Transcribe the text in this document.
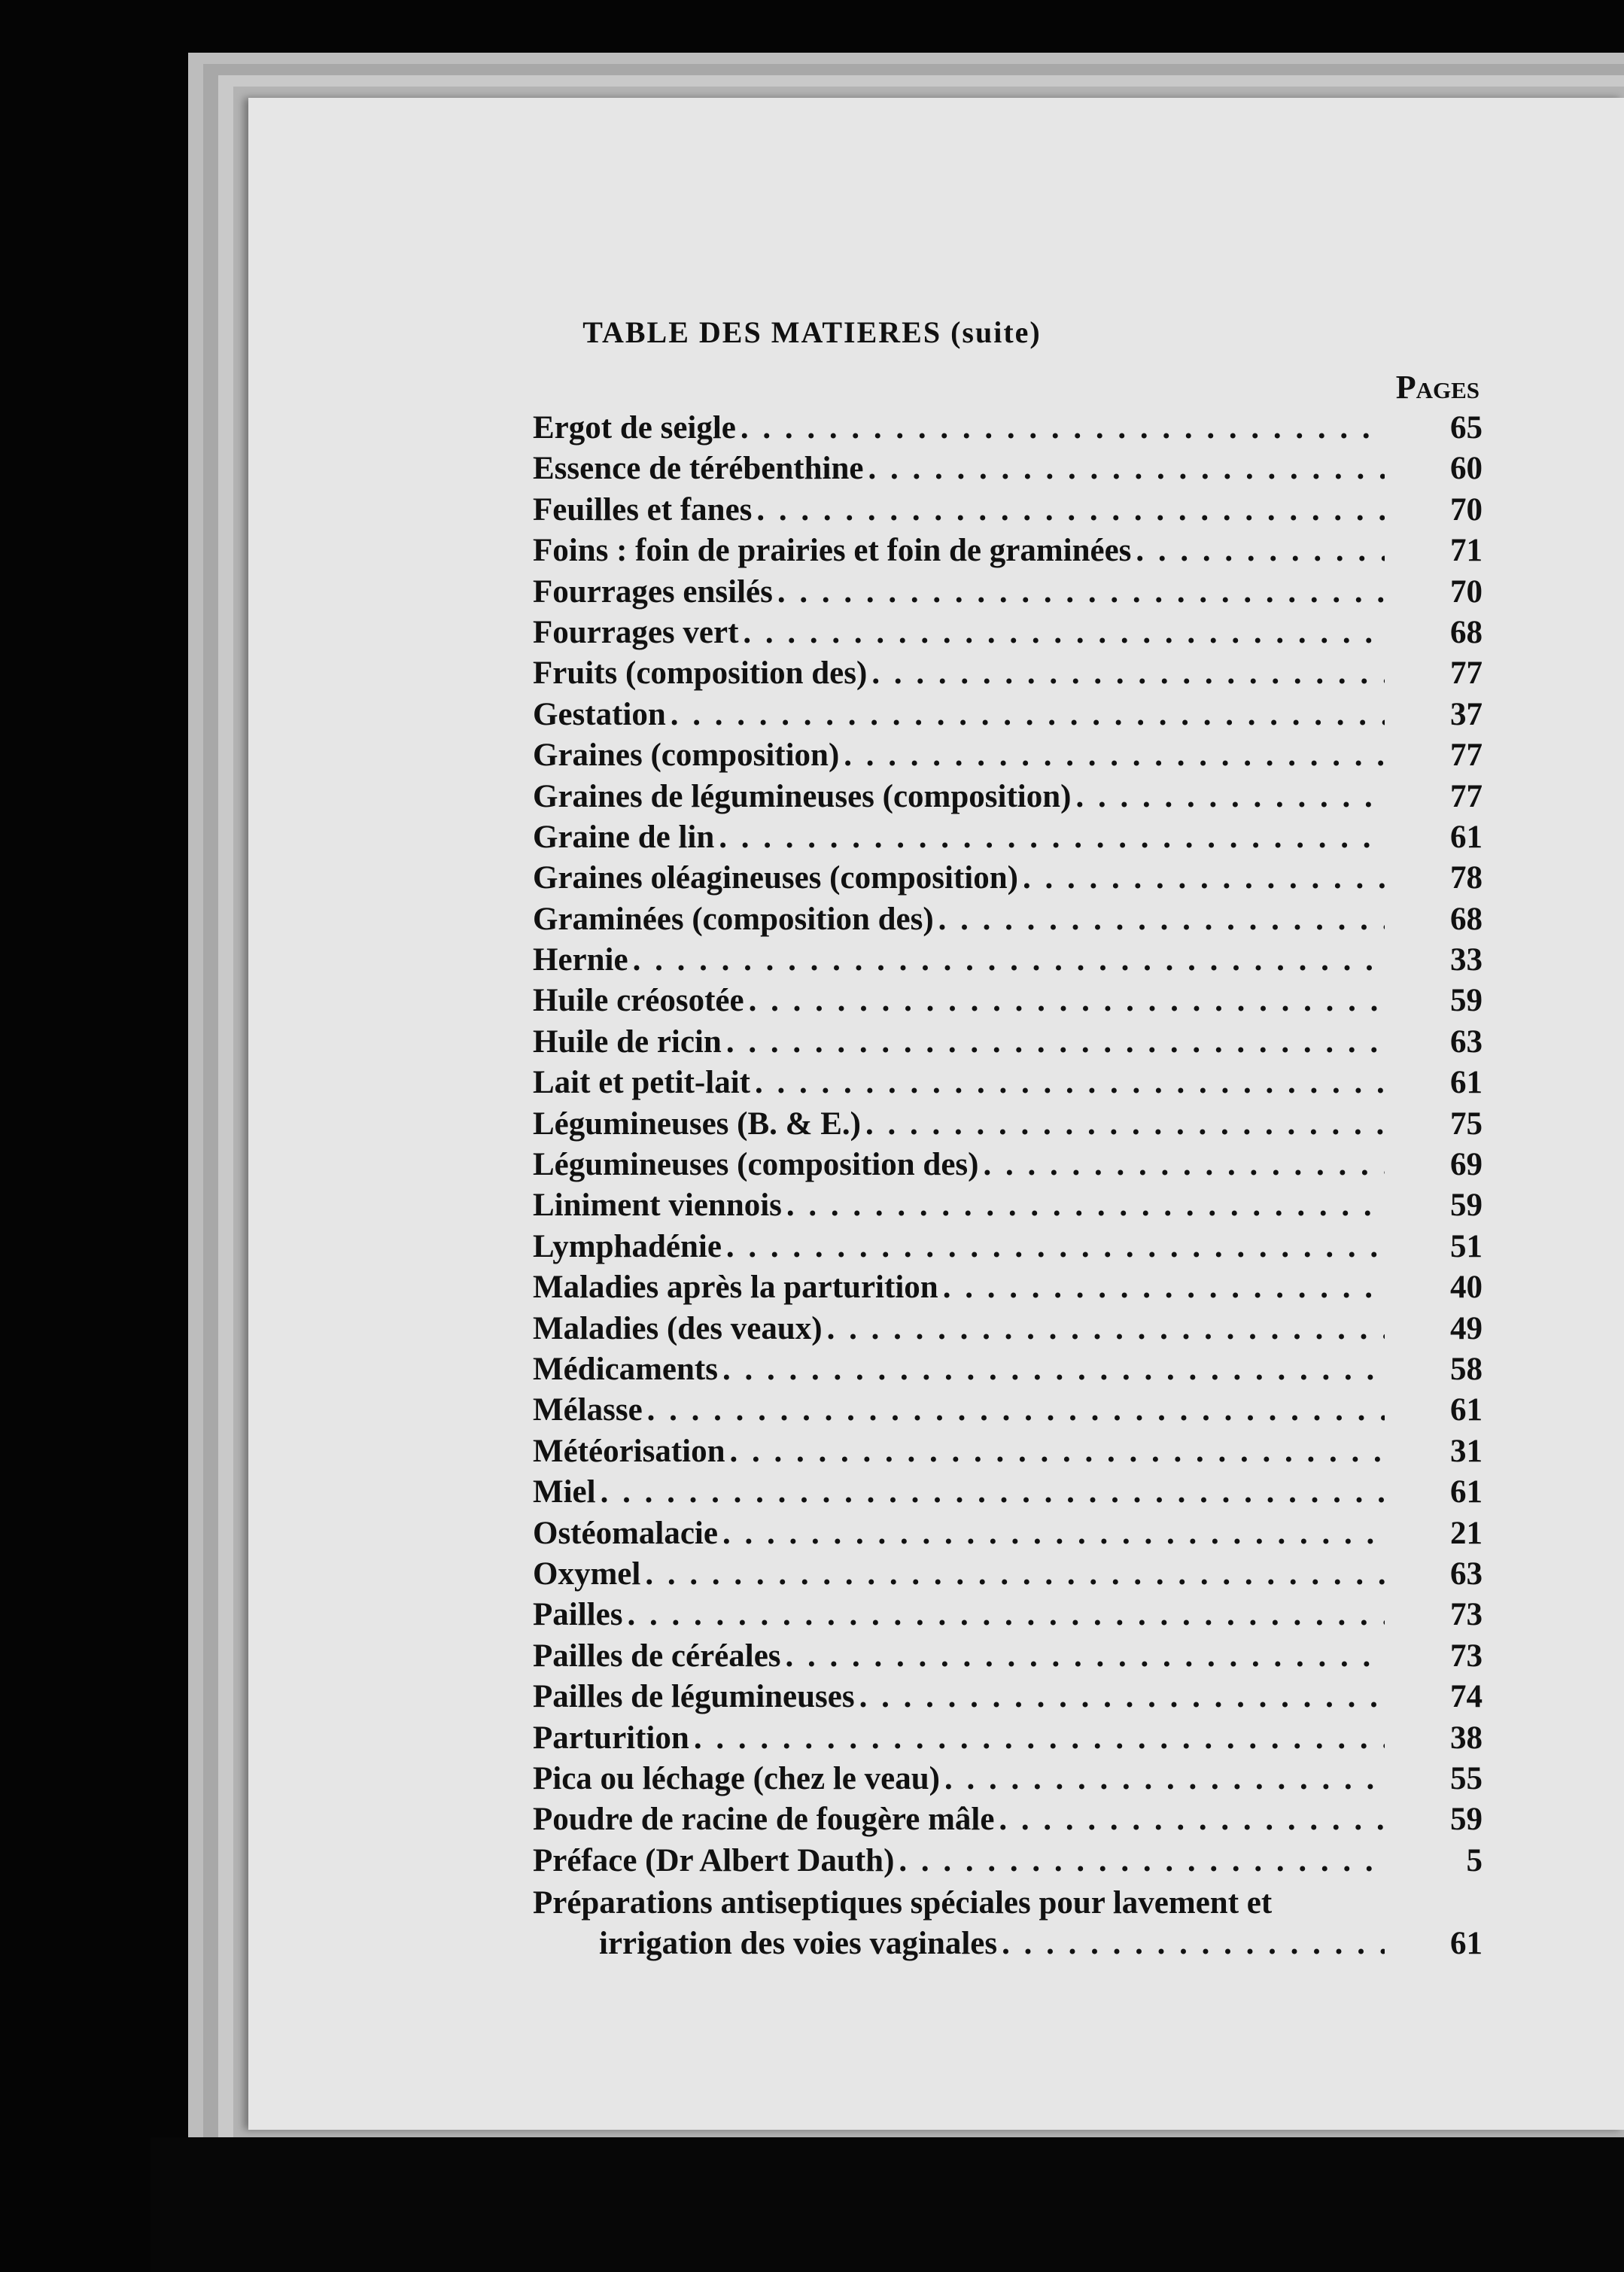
TABLE DES MATIERES (suite)
Pages
Ergot de seigle . . .	65
Essence de térébenthine . . .	60
Feuilles et fanes . . .	70
Foins : foin de prairies et foin de graminées . . .	71
Fourrages ensilés . . .	70
Fourrages vert . . .	68
Fruits (composition des) . . .	77
Gestation . . .	37
Graines (composition) . . .	77
Graines de légumineuses (composition) . . .	77
Graine de lin . . .	61
Graines oléagineuses (composition) . . .	78
Graminées (composition des) . . .	68
Hernie . . .	33
Huile créosotée . . .	59
Huile de ricin . . .	63
Lait et petit-lait . . .	61
Légumineuses (B. & E.) . . .	75
Légumineuses (composition des) . . .	69
Liniment viennois . . .	59
Lymphadénie . . .	51
Maladies après la parturition . . .	40
Maladies (des veaux) . . .	49
Médicaments . . .	58
Mélasse . . .	61
Météorisation . . .	31
Miel . . .	61
Ostéomalacie . . .	21
Oxymel . . .	63
Pailles . . .	73
Pailles de céréales . . .	73
Pailles de légumineuses . . .	74
Parturition . . .	38
Pica ou léchage (chez le veau) . . .	55
Poudre de racine de fougère mâle . . .	59
Préface (Dr Albert Dauth) . . .	5
Préparations antiseptiques spéciales pour lavement et
irrigation des voies vaginales . . .	61
